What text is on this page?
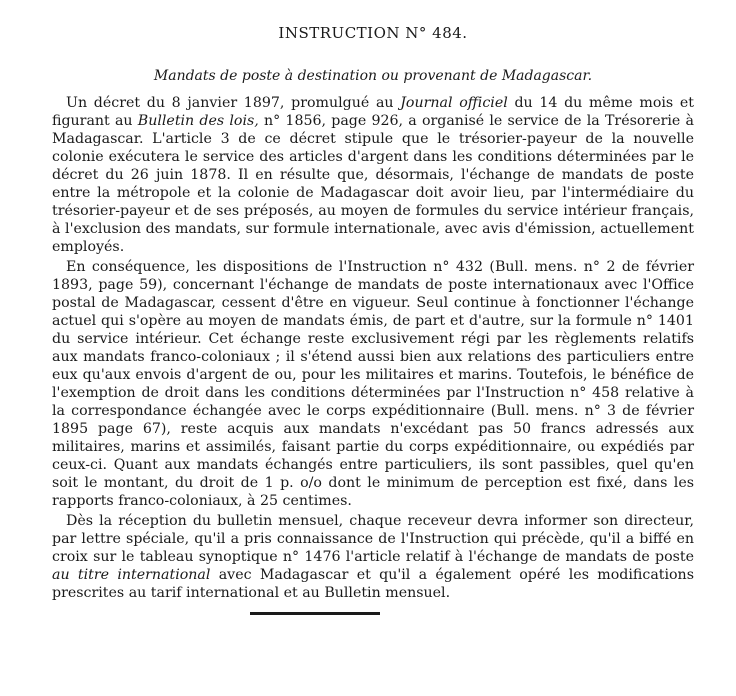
INSTRUCTION N° 484.
Mandats de poste à destination ou provenant de Madagascar.

Un décret du 8 janvier 1897, promulgué au Journal officiel du 14 du même mois et figurant au Bulletin des lois, n° 1856, page 926, a organisé le service de la Trésorerie à Madagascar. L'article 3 de ce décret stipule que le trésorier-payeur de la nouvelle colonie exécutera le service des articles d'argent dans les conditions déterminées par le décret du 26 juin 1878. Il en résulte que, désormais, l'échange de mandats de poste entre la métropole et la colonie de Madagascar doit avoir lieu, par l'intermédiaire du trésorier-payeur et de ses préposés, au moyen de formules du service intérieur français, à l'exclusion des mandats, sur formule internationale, avec avis d'émission, actuellement employés.

En conséquence, les dispositions de l'Instruction n° 432 (Bull. mens. n° 2 de février 1893, page 59), concernant l'échange de mandats de poste internationaux avec l'Office postal de Madagascar, cessent d'être en vigueur. Seul continue à fonctionner l'échange actuel qui s'opère au moyen de mandats émis, de part et d'autre, sur la formule n° 1401 du service intérieur. Cet échange reste exclusivement régi par les règlements relatifs aux mandats franco-coloniaux ; il s'étend aussi bien aux relations des particuliers entre eux qu'aux envois d'argent de ou, pour les militaires et marins. Toutefois, le bénéfice de l'exemption de droit dans les conditions déterminées par l'Instruction n° 458 relative à la correspondance échangée avec le corps expéditionnaire (Bull. mens. n° 3 de février 1895 page 67), reste acquis aux mandats n'excédant pas 50 francs adressés aux militaires, marins et assimilés, faisant partie du corps expéditionnaire, ou expédiés par ceux-ci. Quant aux mandats échangés entre particuliers, ils sont passibles, quel qu'en soit le montant, du droit de 1 p. o/o dont le minimum de perception est fixé, dans les rapports franco-coloniaux, à 25 centimes.

Dès la réception du bulletin mensuel, chaque receveur devra informer son directeur, par lettre spéciale, qu'il a pris connaissance de l'Instruction qui précède, qu'il a biffé en croix sur le tableau synoptique n° 1476 l'article relatif à l'échange de mandats de poste au titre international avec Madagascar et qu'il a également opéré les modifications prescrites au tarif international et au Bulletin mensuel.
